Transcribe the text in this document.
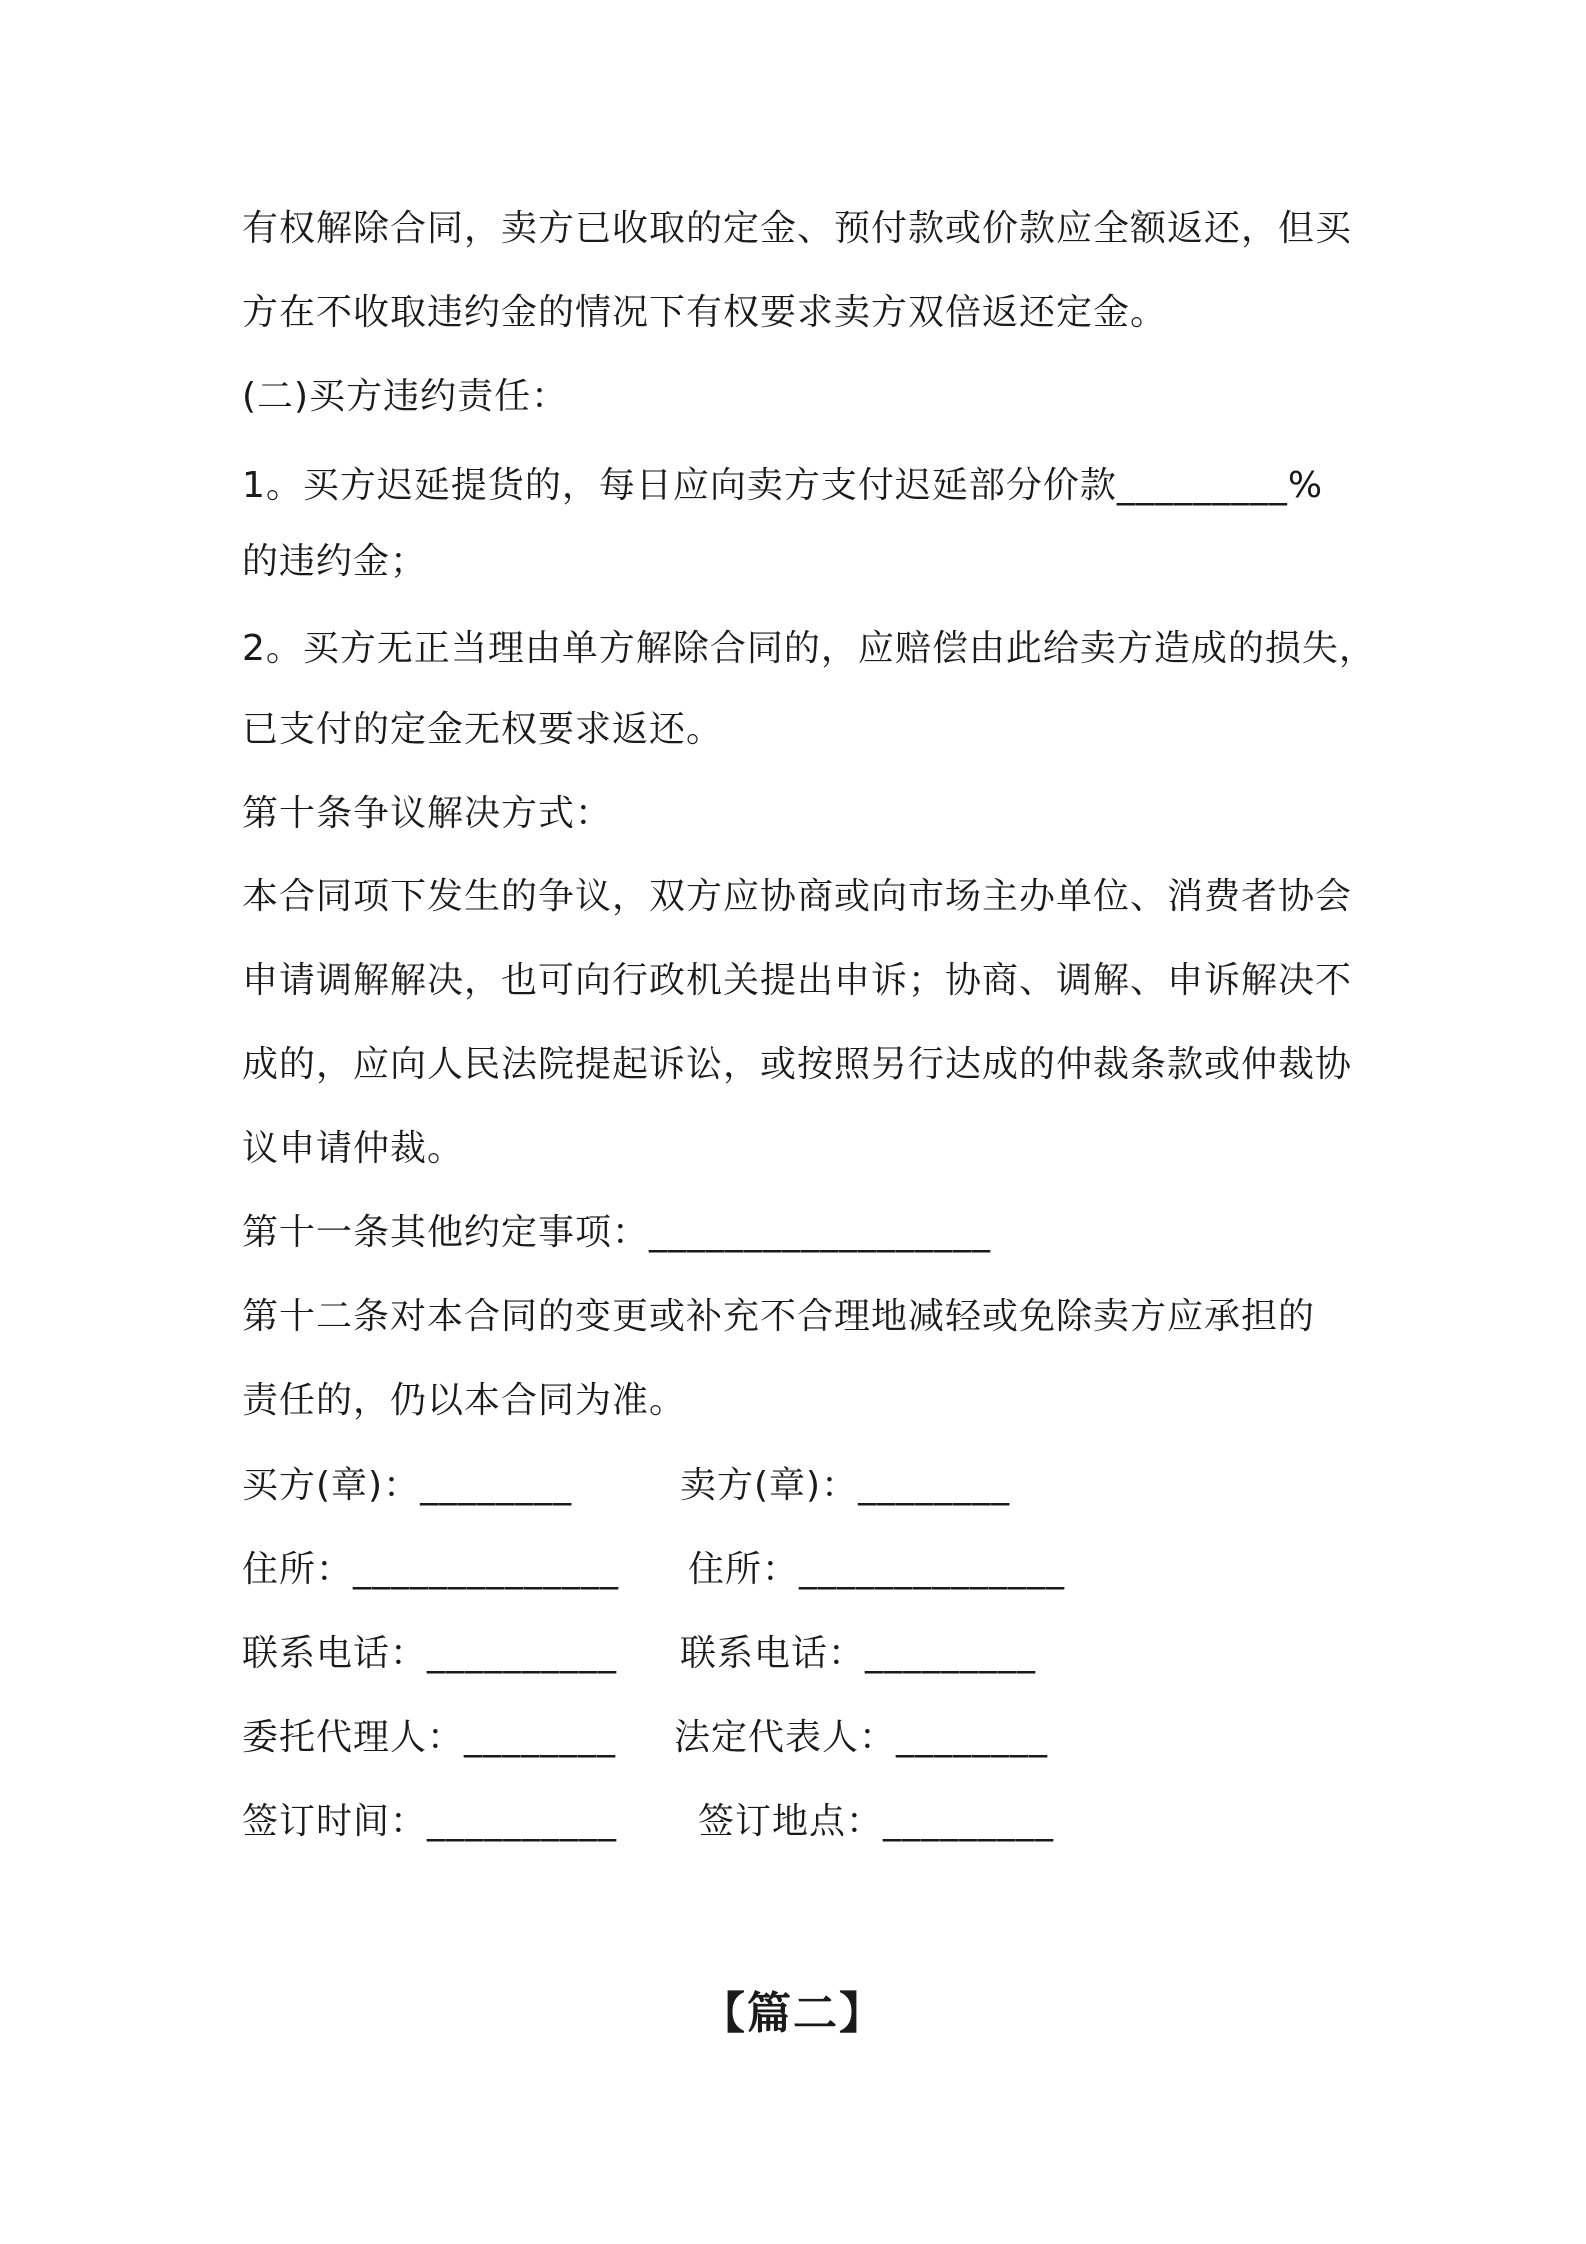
有权解除合同，卖方已收取的定金、预付款或价款应全额返还，但买
方在不收取违约金的情况下有权要求卖方双倍返还定金。
(二)买方违约责任：
1。买方迟延提货的，每日应向卖方支付迟延部分价款_________%
的违约金；
2。买方无正当理由单方解除合同的，应赔偿由此给卖方造成的损失，
已支付的定金无权要求返还。
第十条争议解决方式：
本合同项下发生的争议，双方应协商或向市场主办单位、消费者协会
申请调解解决，也可向行政机关提出申诉；协商、调解、申诉解决不
成的，应向人民法院提起诉讼，或按照另行达成的仲裁条款或仲裁协
议申请仲裁。
第十一条其他约定事项：__________________
第十二条对本合同的变更或补充不合理地减轻或免除卖方应承担的
责任的，仍以本合同为准。
买方(章)：________	卖方(章)：________
住所：______________ 住所：______________
联系电话：__________ 联系电话：_________
委托代理人：________ 法定代表人：________
签订时间：__________ 签订地点：_________
【篇二】
